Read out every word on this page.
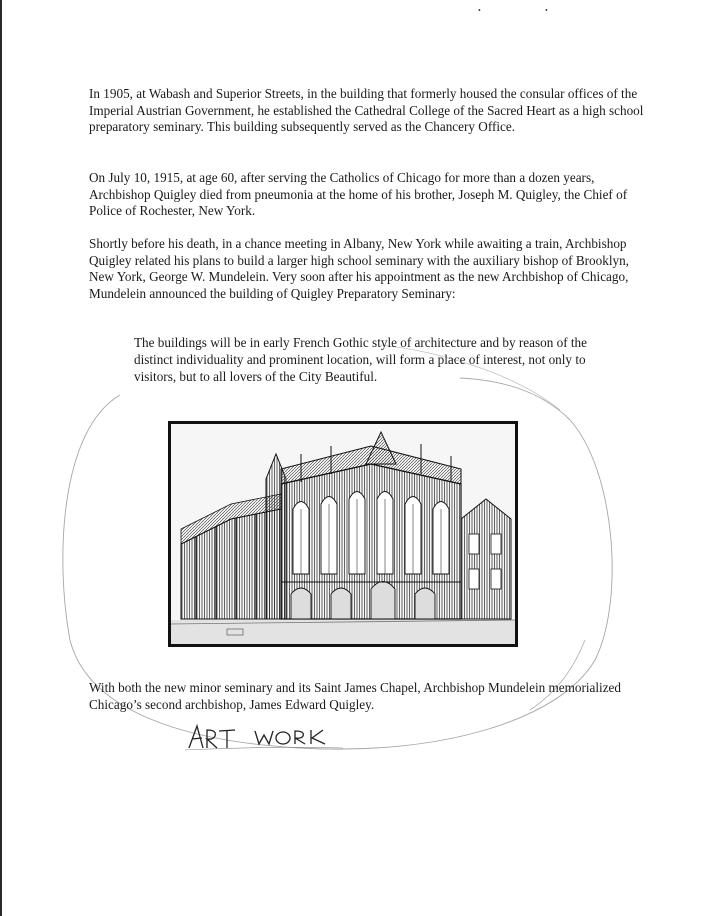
•	•

In 1905, at Wabash and Superior Streets, in the building that formerly housed the consular offices of the Imperial Austrian Government, he established the Cathedral College of the Sacred Heart as a high school preparatory seminary. This building subsequently served as the Chancery Office.

On July 10, 1915, at age 60, after serving the Catholics of Chicago for more than a dozen years, Archbishop Quigley died from pneumonia at the home of his brother, Joseph M. Quigley, the Chief of Police of Rochester, New York.

Shortly before his death, in a chance meeting in Albany, New York while awaiting a train, Archbishop Quigley related his plans to build a larger high school seminary with the auxiliary bishop of Brooklyn, New York, George W. Mundelein. Very soon after his appointment as the new Archbishop of Chicago, Mundelein announced the building of Quigley Preparatory Seminary:

The buildings will be in early French Gothic style of architecture and by reason of the distinct individuality and prominent location, will form a place of interest, not only to visitors, but to all lovers of the City Beautiful.

With both the new minor seminary and its Saint James Chapel, Archbishop Mundelein memorialized Chicago’s second archbishop, James Edward Quigley.
